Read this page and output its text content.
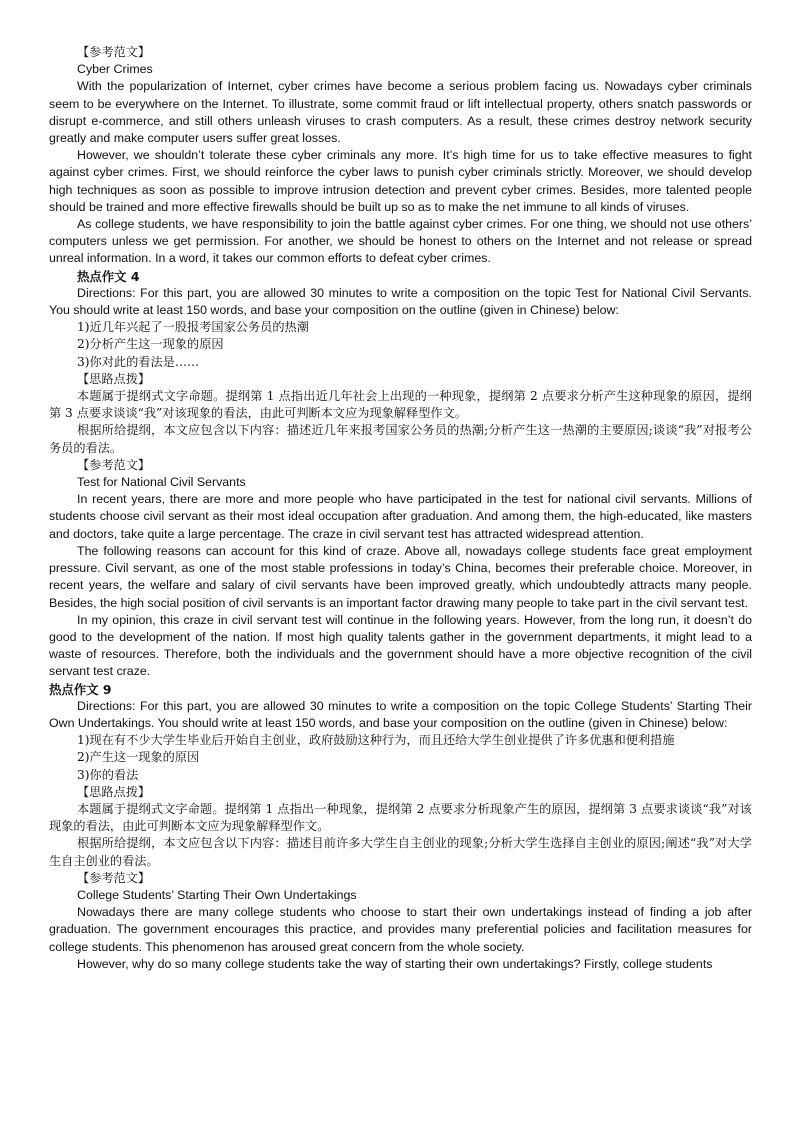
【参考范文】
Cyber Crimes

With the popularization of Internet, cyber crimes have become a serious problem facing us. Nowadays cyber criminals seem to be everywhere on the Internet. To illustrate, some commit fraud or lift intellectual property, others snatch passwords or disrupt e-commerce, and still others unleash viruses to crash computers. As a result, these crimes destroy network security greatly and make computer users suffer great losses.

However, we shouldn’t tolerate these cyber criminals any more. It’s high time for us to take effective measures to fight against cyber crimes. First, we should reinforce the cyber laws to punish cyber criminals strictly. Moreover, we should develop high techniques as soon as possible to improve intrusion detection and prevent cyber crimes. Besides, more talented people should be trained and more effective firewalls should be built up so as to make the net immune to all kinds of viruses.

As college students, we have responsibility to join the battle against cyber crimes. For one thing, we should not use others’ computers unless we get permission. For another, we should be honest to others on the Internet and not release or spread unreal information. In a word, it takes our common efforts to defeat cyber crimes.

热点作文 4

Directions: For this part, you are allowed 30 minutes to write a composition on the topic Test for National Civil Servants. You should write at least 150 words, and base your composition on the outline (given in Chinese) below:

1)近几年兴起了一股报考国家公务员的热潮
2)分析产生这一现象的原因
3)你对此的看法是……
【思路点拨】

本题属于提纲式文字命题。提纲第 1 点指出近几年社会上出现的一种现象，提纲第 2 点要求分析产生这种现象的原因，提纲第 3 点要求谈谈“我”对该现象的看法，由此可判断本文应为现象解释型作文。

根据所给提纲，本文应包含以下内容：描述近几年来报考国家公务员的热潮;分析产生这一热潮的主要原因;谈谈“我”对报考公务员的看法。

【参考范文】
Test for National Civil Servants

In recent years, there are more and more people who have participated in the test for national civil servants. Millions of students choose civil servant as their most ideal occupation after graduation. And among them, the high-educated, like masters and doctors, take quite a large percentage. The craze in civil servant test has attracted widespread attention.

The following reasons can account for this kind of craze. Above all, nowadays college students face great employment pressure. Civil servant, as one of the most stable professions in today’s China, becomes their preferable choice. Moreover, in recent years, the welfare and salary of civil servants have been improved greatly, which undoubtedly attracts many people. Besides, the high social position of civil servants is an important factor drawing many people to take part in the civil servant test.

In my opinion, this craze in civil servant test will continue in the following years. However, from the long run, it doesn’t do good to the development of the nation. If most high quality talents gather in the government departments, it might lead to a waste of resources. Therefore, both the individuals and the government should have a more objective recognition of the civil servant test craze.

热点作文 9

Directions: For this part, you are allowed 30 minutes to write a composition on the topic College Students’ Starting Their Own Undertakings. You should write at least 150 words, and base your composition on the outline (given in Chinese) below:

1)现在有不少大学生毕业后开始自主创业，政府鼓励这种行为，而且还给大学生创业提供了许多优惠和便利措施

2)产生这一现象的原因
3)你的看法
【思路点拨】

本题属于提纲式文字命题。提纲第 1 点指出一种现象，提纲第 2 点要求分析现象产生的原因，提纲第 3 点要求谈谈“我”对该现象的看法，由此可判断本文应为现象解释型作文。

根据所给提纲，本文应包含以下内容：描述目前许多大学生自主创业的现象;分析大学生选择自主创业的原因;阐述“我”对大学生自主创业的看法。

【参考范文】
College Students’ Starting Their Own Undertakings

Nowadays there are many college students who choose to start their own undertakings instead of finding a job after graduation. The government encourages this practice, and provides many preferential policies and facilitation measures for college students. This phenomenon has aroused great concern from the whole society.

However, why do so many college students take the way of starting their own undertakings? Firstly, college students
